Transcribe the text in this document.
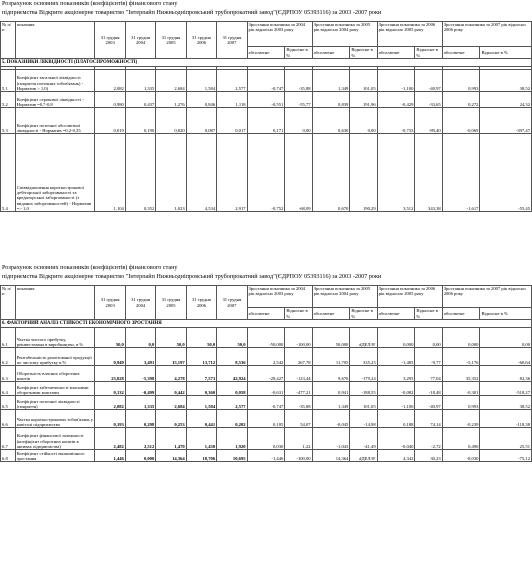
Розрахунок основних показників (коефіцієнтів) фінансового стану
підприємства Відкрите акціонерне товариство "Інтерпайп Нижньодніпровський трубопрокатний завод"(ЄДРПОУ 05393116) за 2003 -2007 роки
№ п/п	показник	31 грудня 2003	31 грудня 2004	31 грудня 2005	31 грудня 2006	31 грудня 2007	Зростання показника за 2004 рік відносно 2003 року		Зростання показника за 2005 рік відносно 2004 року		Зростання показника за 2006 рік відносно 2005 року		Зростання показника за 2007 рік відносно 2006 року	
							абсолютне	Відносне в %	абсолютне	Відносне в %	абсолютне	Відносне в %	абсолютне	Відносне в %
5. ПОКАЗНИКИ ЛІКВІДНОСТІ (ПЛАТОСПРОМОЖНОСТІ)														

5.1	Коефіцієнт загальної ліквідності (покриття поточних зобов'язань) - Норматив > 1,0)	2,082	1,335	2,684	1,584	2,577	-0,747	-35,88	1,349	101,05	-1,100	-40,97	0,993	38,52
5.2	Коефіцієнт строкової ліквідності - Норматив =0,7-0,8	0,980	0,437	1,276	0,846	1,118	-0,551	-55,77	0,839	191,96	-0,429	-33,65	0,272	24,32
5.3	Коефіцієнт поточної абсолютної ліквідності - Норматив =0,2-0,35	0,019	0,190	0,820	0,087	0,017	0,171	0,00	0,630	0,00	-0,733	-89,40	-0,069	-397,47
5.4	Співвідношення короткострокової дебіторської заборгованості та кредиторської заборгованості (з виданих заборгованостей) - Норматив => 1,0	1,104	0,352	1,023	4,534	2,917	-0,752	-68,09	0,670	190,29	3,512	343,38	-1,617	-55,45
Розрахунок основних показників (коефіцієнтів) фінансового стану
підприємства Відкрите акціонерне товариство "Інтерпайп Нижньодніпровський трубопрокатний завод"(ЄДРПОУ 05393116) за 2003 -2007 роки
№ п/п	показник	31 грудня 2003	31 грудня 2004	31 грудня 2005	31 грудня 2006	31 грудня 2007	Зростання показника за 2004 рік відносно 2003 року		Зростання показника за 2005 рік відносно 2004 року		Зростання показника за 2006 рік відносно 2005 року		Зростання показника за 2007 рік відносно 2006 року	
							абсолютне	Відносне в %	абсолютне	Відносне в %	абсолютне	Відносне в %	абсолютне	Відносне в %
6. ФАКТОРНИЙ АНАЛІЗ СТІЙКОСТІ ЕКОНОМІЧНОГО ЗРОСТАННЯ														
6.1	Частка чистого прибутку, реінвестована в виробництво, в %	50,0	0,0	50,0	50,0	50,0	-50,000	-100,00	50,000	#ДЕЛ/0!	0,000	0,00	0,000	0,00
6.2	Рентабельність реалізованої продукції по чистому прибутку в %	0,949	3,491	15,197	13,712	8,536	2,542	267,78	11,705	335,23	-1,485	-9,77	-5,176	-60,64
6.3	Оборотність власних оборотних коштів	23,028	-5,398	4,278	7,573	42,924	-28,427	-123,44	9,676	-179,24	3,295	77,04	35,352	82,36
6.4	Коефіцієнт забезпеченості власними оборотними коштами	0,132	-0,499	0,442	0,360	0,058	-0,631	-477,21	0,941	-188,55	-0,082	-18,48	-0,301	-518,27
6.5	Коефіцієнт поточної ліквідності (покриття)	2,082	1,335	2,684	1,584	2,577	-0,747	-35,88	1,349	101,05	-1,100	-40,97	0,993	38,52
6.6	Частка короткострокових зобов'язань у капіталі підприємства	0,193	0,298	0,253	0,441	0,202	0,105	54,07	-0,045	-14,98	0,188	74,14	-0,239	-118,38
6.7	Коефіцієнт фінансової залежності (коефіцієнт оборотних коштів в активах підприємства)	2,482	2,512	1,470	1,430	1,920	0,030	1,22	-1,043	-41,49	-0,040	-2,72	0,490	25,51
6.8	Коефіцієнт стійкості економічного зростання	1,446	0,000	14,364	18,706	10,695	-1,446	-100,00	14,364	#ДЕЛ/0!	4,342	30,23	-8,030	-75,12
